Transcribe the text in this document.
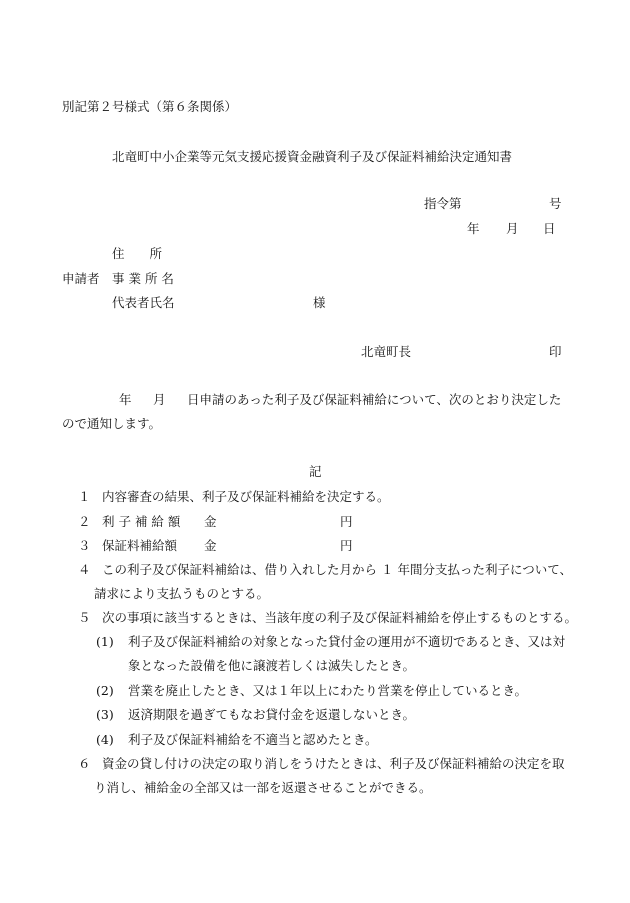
別記第２号様式（第６条関係）
北竜町中小企業等元気支援応援資金融資利子及び保証料補給決定通知書
指令第	号
年 月 日
住　　所
申請者 事 業 所 名
代表者氏名	様
北竜町長	印
年 月 日申請のあった利子及び保証料補給について、次のとおり決定した
ので通知します。
記
１ 内容審査の結果、利子及び保証料補給を決定する。
２ 利 子 補 給 額 金	円
３ 保証料補給額 金	円
４ この利子及び保証料補給は、借り入れした月から １ 年間分支払った利子について、
請求により支払うものとする。
５ 次の事項に該当するときは、当該年度の利子及び保証料補給を停止するものとする。
(1) 利子及び保証料補給の対象となった貸付金の運用が不適切であるとき、又は対
象となった設備を他に譲渡若しくは滅失したとき。
(2) 営業を廃止したとき、又は１年以上にわたり営業を停止しているとき。
(3) 返済期限を過ぎてもなお貸付金を返還しないとき。
(4) 利子及び保証料補給を不適当と認めたとき。
６ 資金の貸し付けの決定の取り消しをうけたときは、利子及び保証料補給の決定を取
り消し、補給金の全部又は一部を返還させることができる。
